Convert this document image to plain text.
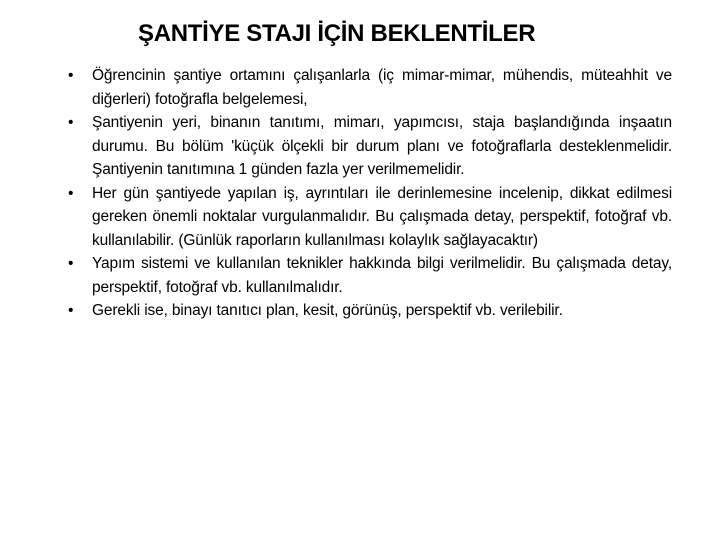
ŞANTİYE STAJI İÇİN BEKLENTİLER
•	Öğrencinin şantiye ortamını çalışanlarla (iç mimar-mimar, mühendis, müteahhit ve diğerleri) fotoğrafla belgelemesi,
•	Şantiyenin yeri, binanın tanıtımı, mimarı, yapımcısı, staja başlandığında inşaatın durumu. Bu bölüm 'küçük ölçekli bir durum planı ve fotoğraflarla desteklenmelidir. Şantiyenin tanıtımına 1 günden fazla yer verilmemelidir.
•	Her gün şantiyede yapılan iş, ayrıntıları ile derinlemesine incelenip, dikkat edilmesi gereken önemli noktalar vurgulanmalıdır. Bu çalışmada detay, perspektif, fotoğraf vb. kullanılabilir. (Günlük raporların kullanılması kolaylık sağlayacaktır)
•	Yapım sistemi ve kullanılan teknikler hakkında bilgi verilmelidir. Bu çalışmada detay, perspektif, fotoğraf vb. kullanılmalıdır.
•	Gerekli ise, binayı tanıtıcı plan, kesit, görünüş, perspektif vb. verilebilir.
